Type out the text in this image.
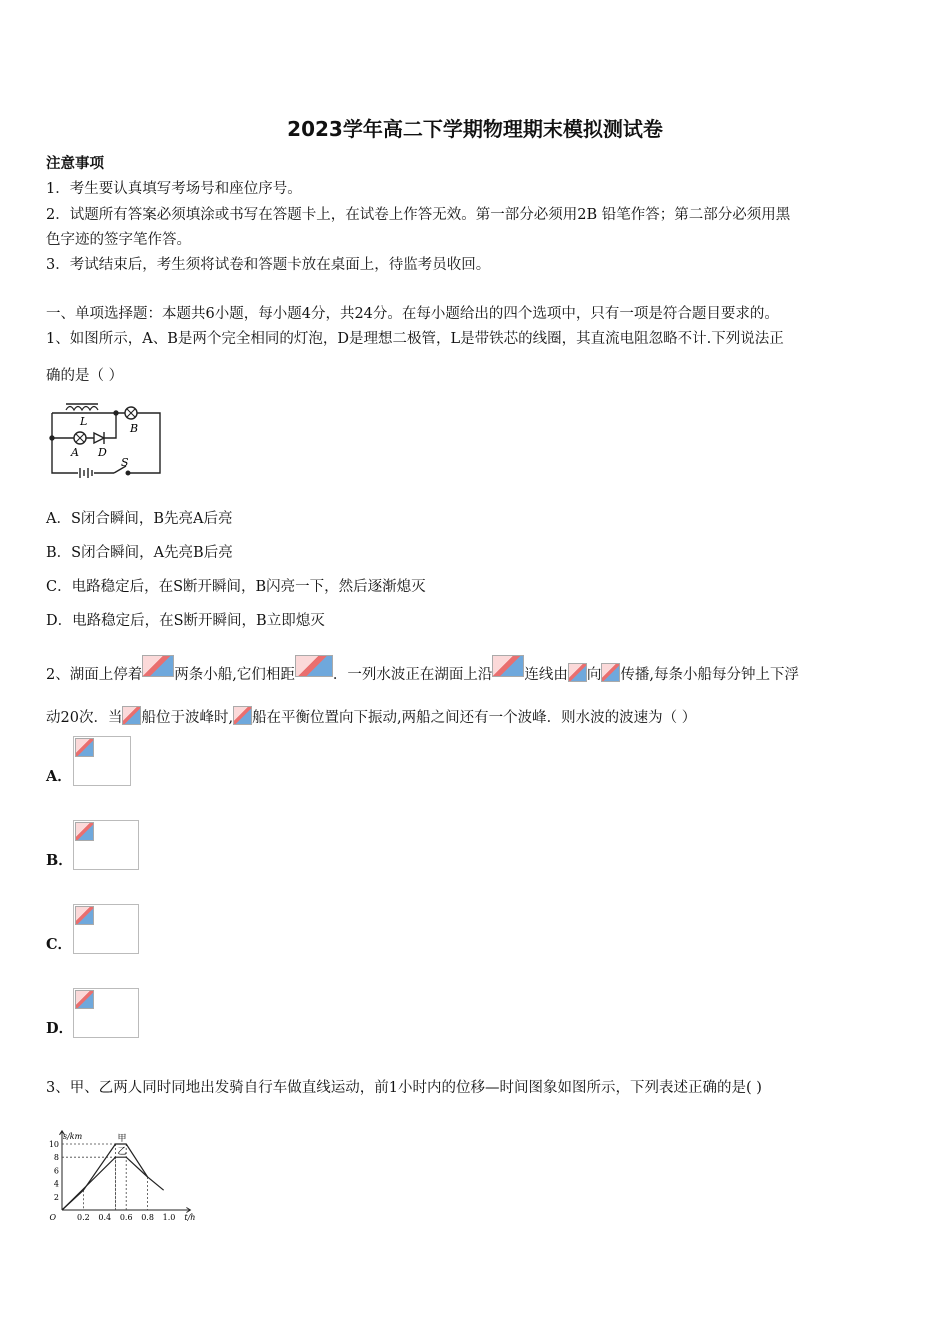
2023学年高二下学期物理期末模拟测试卷
注意事项
1．考生要认真填写考场号和座位序号。
2．试题所有答案必须填涂或书写在答题卡上，在试卷上作答无效。第一部分必须用2B 铅笔作答；第二部分必须用黑
色字迹的签字笔作答。
3．考试结束后，考生须将试卷和答题卡放在桌面上，待监考员收回。
一、单项选择题：本题共6小题，每小题4分，共24分。在每小题给出的四个选项中，只有一项是符合题目要求的。
1、如图所示，A、B是两个完全相同的灯泡，D是理想二极管，L是带铁芯的线圈，其直流电阻忽略不计.下列说法正
确的是（ ）
L
A D
B
S
A．S闭合瞬间，B先亮A后亮
B．S闭合瞬间，A先亮B后亮
C．电路稳定后，在S断开瞬间，B闪亮一下，然后逐渐熄灭
D．电路稳定后，在S断开瞬间，B立即熄灭
2、湖面上停着 两条小船,它们相距	．一列水波正在湖面上沿 连线由 向 传播,每条小船每分钟上下浮
动20次．当 船位于波峰时, 船在平衡位置向下振动,两船之间还有一个波峰．则水波的波速为（ ）
A．
B．
C．
D．
3、甲、乙两人同时同地出发骑自行车做直线运动，前1小时内的位移—时间图象如图所示，下列表述正确的是( )
0.2 0.4 0.6 0.8 1.0
2
4
6
8
10
O
s/km
t/h
甲
乙
